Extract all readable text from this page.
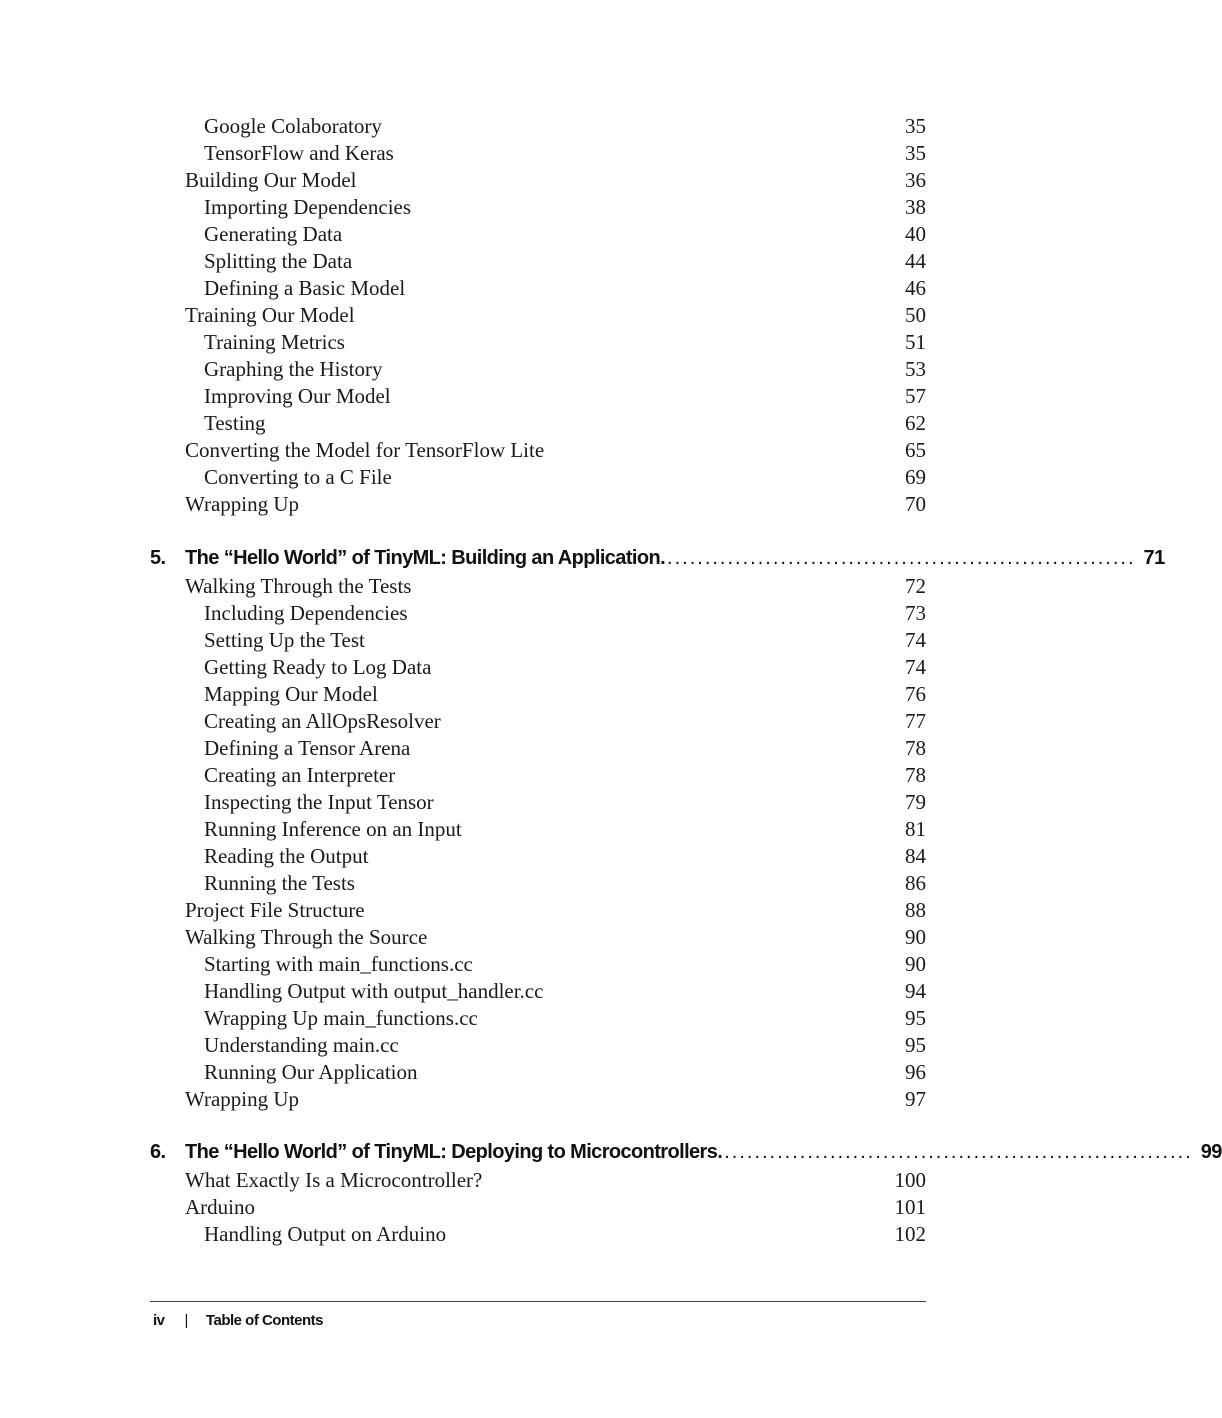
Google Colaboratory	35
TensorFlow and Keras	35
Building Our Model	36
Importing Dependencies	38
Generating Data	40
Splitting the Data	44
Defining a Basic Model	46
Training Our Model	50
Training Metrics	51
Graphing the History	53
Improving Our Model	57
Testing	62
Converting the Model for TensorFlow Lite	65
Converting to a C File	69
Wrapping Up	70
5. The “Hello World” of TinyML: Building an Application. .............................................................. 71
Walking Through the Tests	72
Including Dependencies	73
Setting Up the Test	74
Getting Ready to Log Data	74
Mapping Our Model	76
Creating an AllOpsResolver	77
Defining a Tensor Arena	78
Creating an Interpreter	78
Inspecting the Input Tensor	79
Running Inference on an Input	81
Reading the Output	84
Running the Tests	86
Project File Structure	88
Walking Through the Source	90
Starting with main_functions.cc	90
Handling Output with output_handler.cc	94
Wrapping Up main_functions.cc	95
Understanding main.cc	95
Running Our Application	96
Wrapping Up	97
6. The “Hello World” of TinyML: Deploying to Microcontrollers. .............................................................. 99
What Exactly Is a Microcontroller?	100
Arduino	101
Handling Output on Arduino	102
iv | Table of Contents
